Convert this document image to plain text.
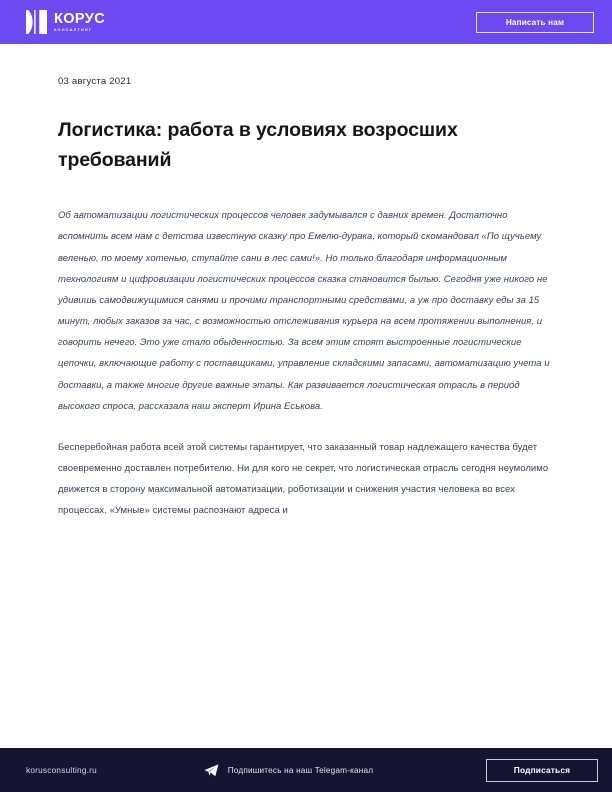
КОРУС
КОНСАЛТИНГ
Написать нам
03 августа 2021
Логистика: работа в условиях возросших требований

Об автоматизации логистических процессов человек задумывался с давних времен. Достаточно вспомнить всем нам с детства известную сказку про Емелю-дурака, который скомандовал «По щучьему веленью, по моему хотенью, ступайте сани в лес сами!». Но только благодаря информационным технологиям и цифровизации логистических процессов сказка становится былью. Сегодня уже никого не удивишь самодвижущимися санями и прочими транспортными средствами, а уж про доставку еды за 15 минут, любых заказов за час, с возможностью отслеживания курьера на всем протяжении выполнения, и говорить нечего. Это уже стало обыденностью. За всем этим стоят выстроенные логистические цепочки, включающие работу с поставщиками, управление складскими запасами, автоматизацию учета и доставки, а также многие другие важные этапы. Как развивается логистическая отрасль в период высокого спроса, рассказала наш эксперт Ирина Еськова.

Бесперебойная работа всей этой системы гарантирует, что заказанный товар надлежащего качества будет своевременно доставлен потребителю. Ни для кого не секрет, что логистическая отрасль сегодня неумолимо движется в сторону максимальной автоматизации, роботизации и снижения участия человека во всех процессах. «Умные» системы распознают адреса и

korusconsulting.ru	Подпишитесь на наш Telegam-канал	Подписаться
